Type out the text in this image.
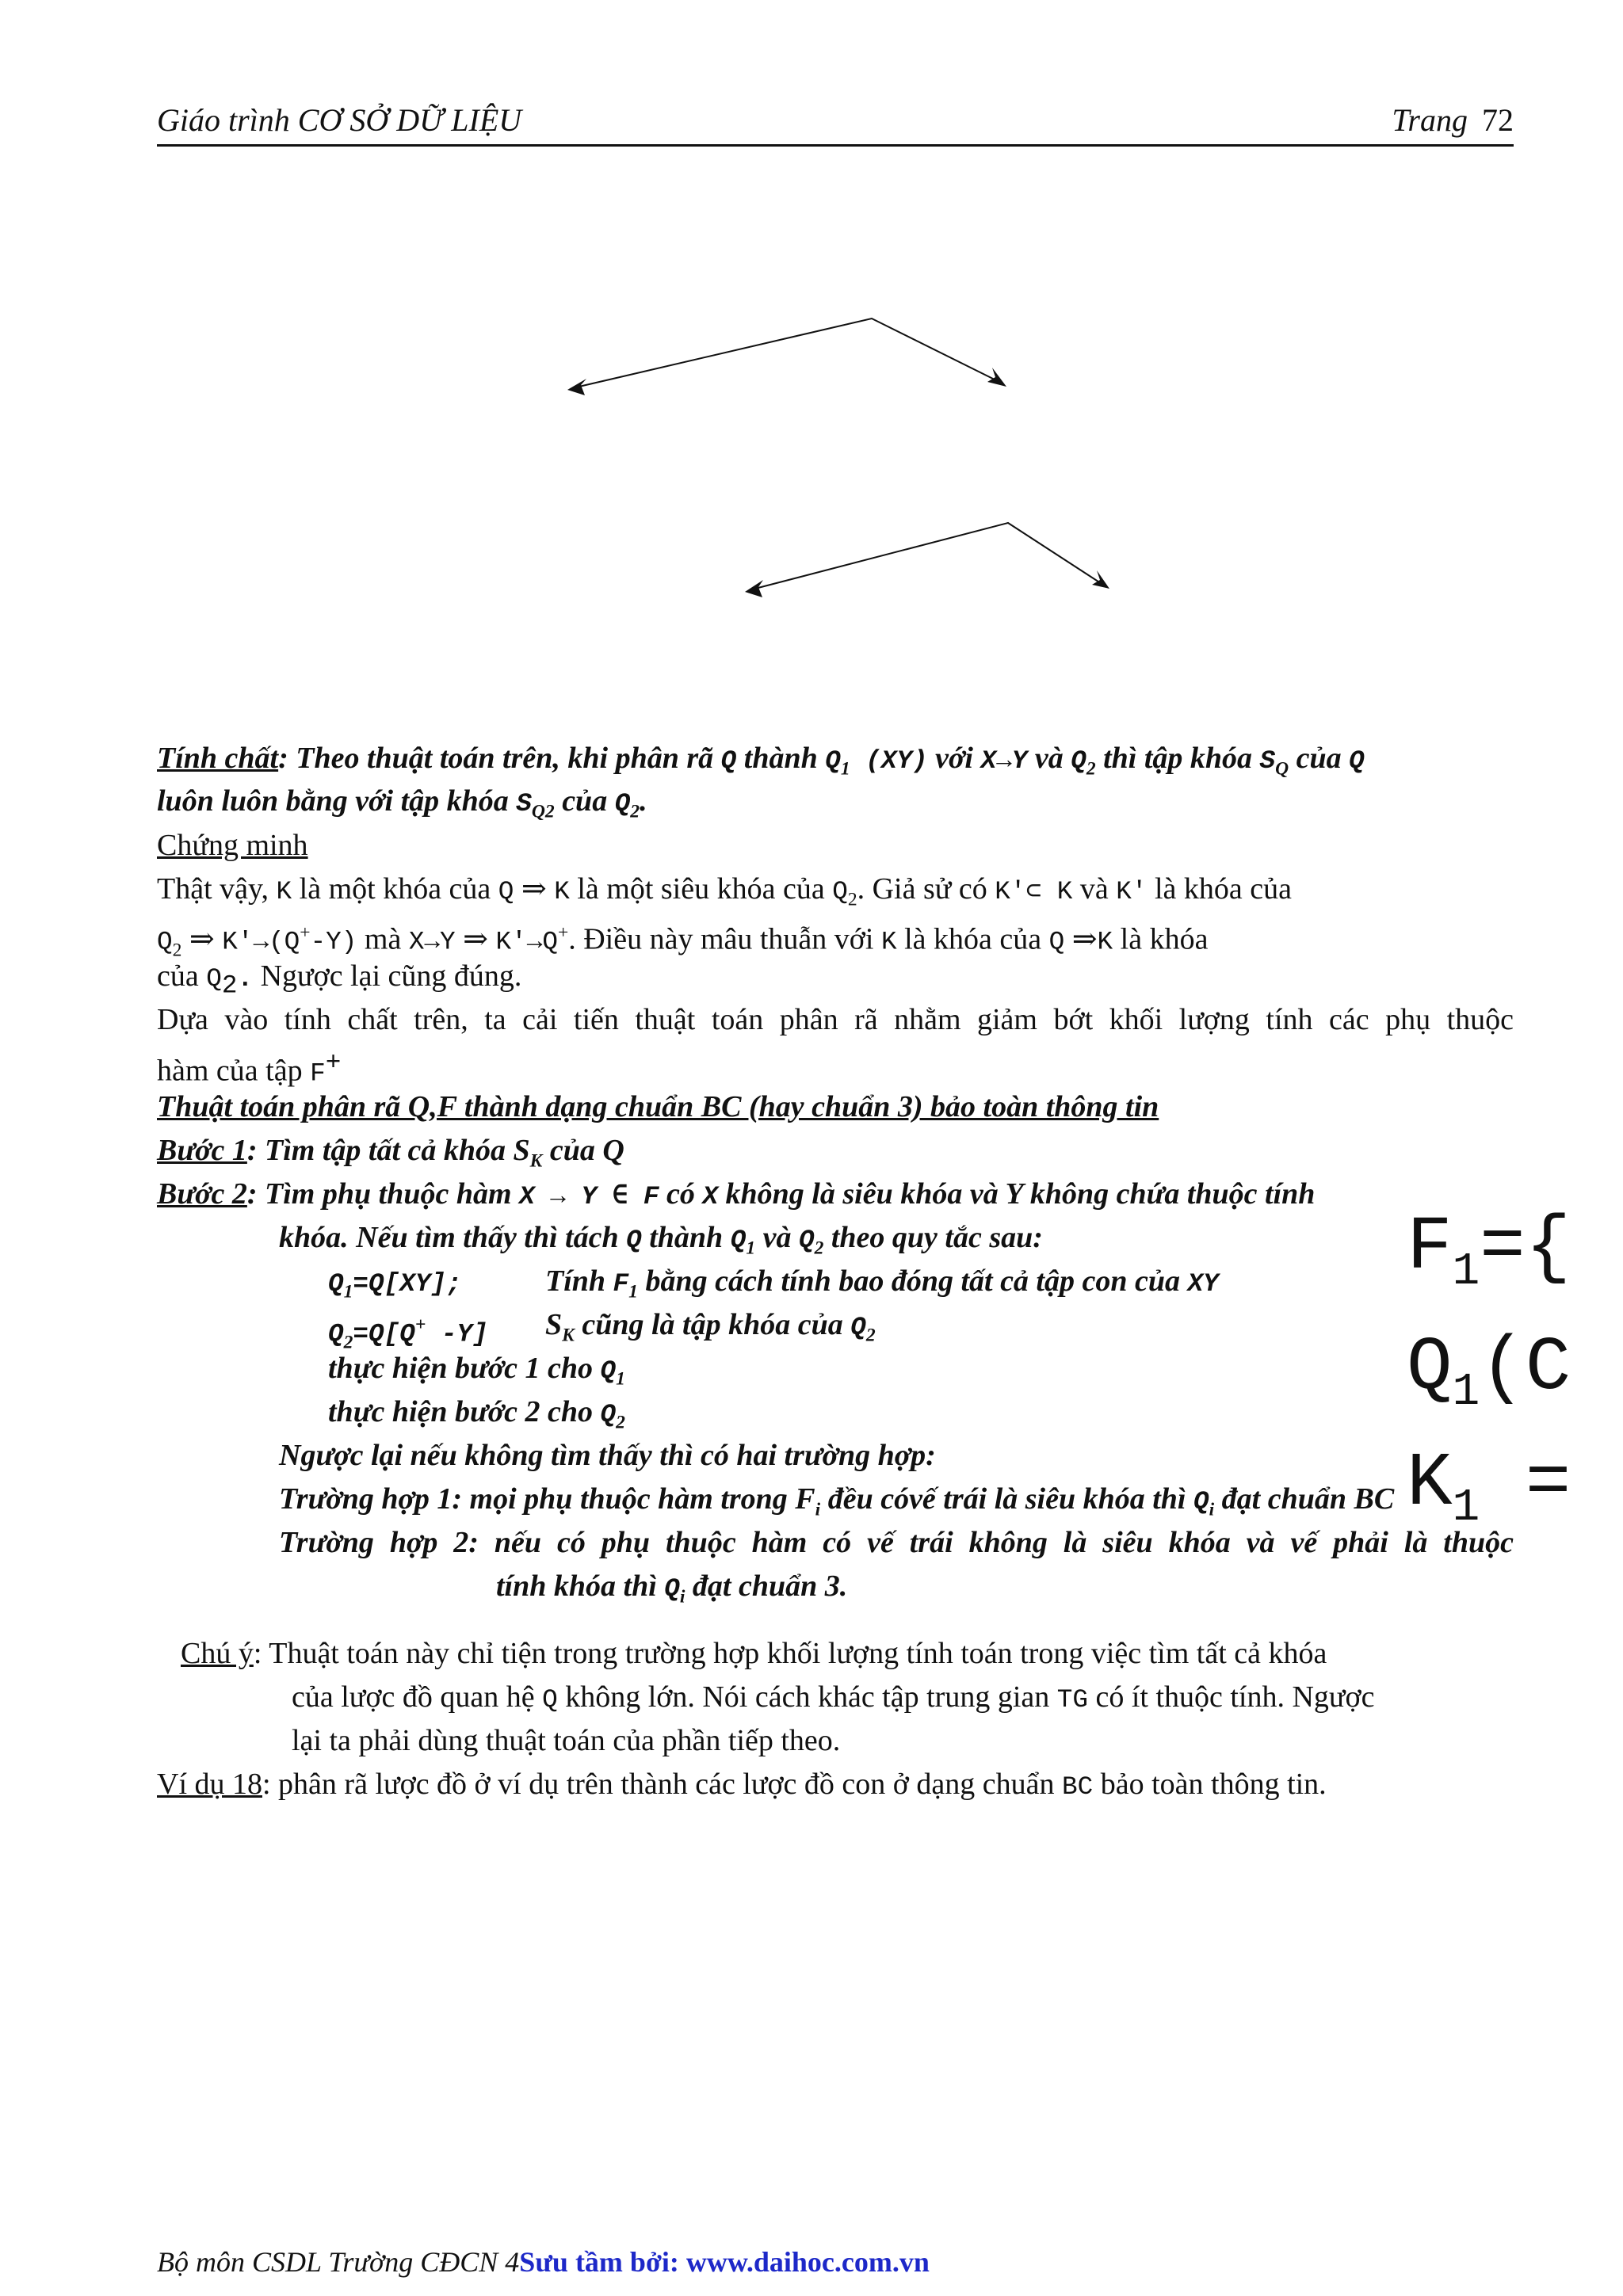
Giáo trình CƠ SỞ DỮ LIỆU	Trang 72
Tính chất: Theo thuật toán trên, khi phân rã Q thành $Q_1$ (XY) với X→Y và $Q_2$ thì tập khóa $S_Q$ của Q
luôn luôn bằng với tập khóa $S_{Q2}$ của $Q_2$.
Chứng minh
Thật vậy, K là một khóa của Q ⇒ K là một siêu khóa của $Q_2$. Giả sử có K'⊂ K và K' là khóa của
$Q_2$ ⇒ K'→(Q+-Y) mà X→Y ⇒ K'→Q+. Điều này mâu thuẫn với K là khóa của Q ⇒K là khóa
của $Q_2$. Ngược lại cũng đúng.
Dựa vào tính chất trên, ta cải tiến thuật toán phân rã nhằm giảm bớt khối lượng tính các phụ thuộc
hàm của tập F+
Thuật toán phân rã Q,F thành dạng chuẩn BC (hay chuẩn 3) bảo toàn thông tin
Bước 1: Tìm tập tất cả khóa $S_K$ của Q
Bước 2: Tìm phụ thuộc hàm X → Y ∈ F có X không là siêu khóa và Y không chứa thuộc tính
khóa. Nếu tìm thấy thì tách Q thành $Q_1$ và $Q_2$ theo quy tắc sau:
$Q_1=Q[XY]$;	Tính $F_1$ bằng cách tính bao đóng tất cả tập con của XY
$Q_2=Q[Q^+$ -Y] $S_K$ cũng là tập khóa của $Q_2$
thực hiện bước 1 cho $Q_1$
thực hiện bước 2 cho $Q_2$
Ngược lại nếu không tìm thấy thì có hai trường hợp:
Trường hợp 1: mọi phụ thuộc hàm trong $F_i$ đều cóvế trái là siêu khóa thì $Q_i$ đạt chuẩn BC
Trường hợp 2: nếu có phụ thuộc hàm có vế trái không là siêu khóa và vế phải là thuộc
tính khóa thì $Q_i$ đạt chuẩn 3.
Chú ý: Thuật toán này chỉ tiện trong trường hợp khối lượng tính toán trong việc tìm tất cả khóa
của lược đồ quan hệ Q không lớn. Nói cách khác tập trung gian TG có ít thuộc tính. Ngược
lại ta phải dùng thuật toán của phần tiếp theo.
Ví dụ 18: phân rã lược đồ ở ví dụ trên thành các lược đồ con ở dạng chuẩn BC bảo toàn thông tin.
$F_1=${
$Q_1(C$
$K_1$ =
Bộ môn CSDL Trường CĐCN 4Sưu tầm bởi: www.daihoc.com.vn
